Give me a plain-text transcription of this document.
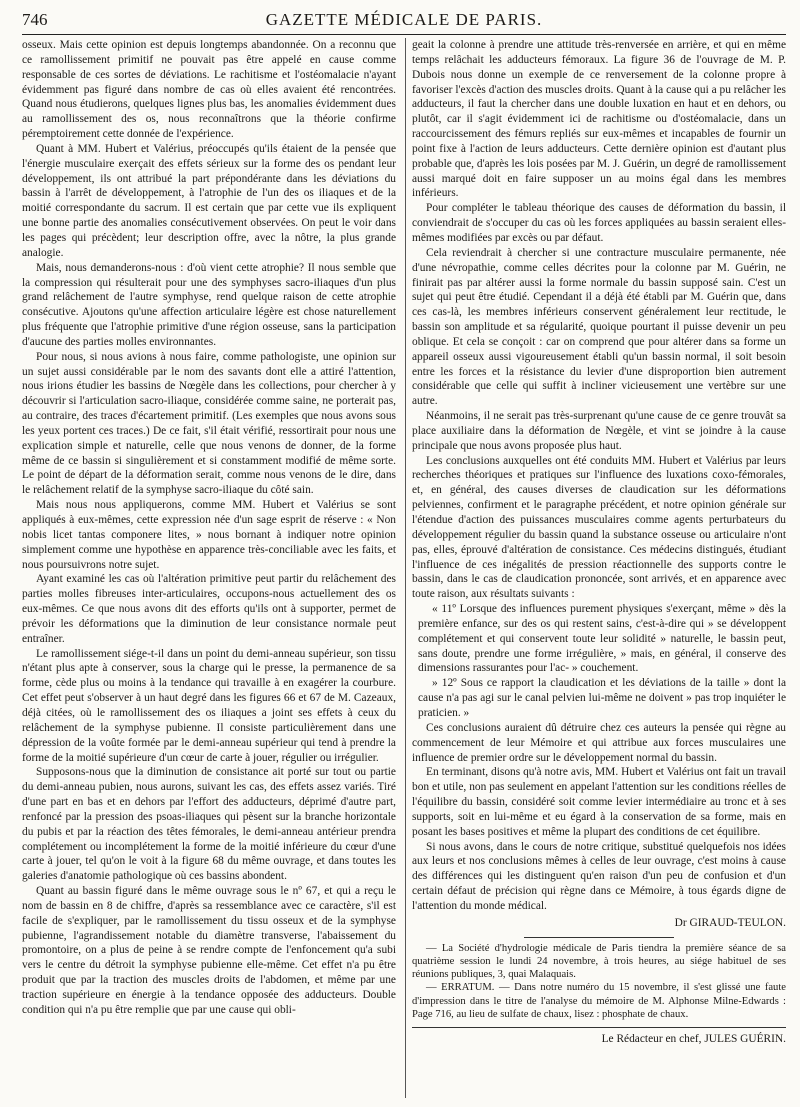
746	GAZETTE MÉDICALE DE PARIS.

osseux. Mais cette opinion est depuis longtemps abandonnée. On a reconnu que ce ramollissement primitif ne pouvait pas être appelé en cause comme responsable de ces sortes de déviations. Le rachitisme et l'ostéomalacie n'ayant évidemment pas figuré dans nombre de cas où elles avaient été rencontrées. Quand nous étudierons, quelques lignes plus bas, les anomalies évidemment dues au ramollissement des os, nous reconnaîtrons que la théorie confirme péremptoirement cette donnée de l'expérience.

Quant à MM. Hubert et Valérius, préoccupés qu'ils étaient de la pensée que l'énergie musculaire exerçait des effets sérieux sur la forme des os pendant leur développement, ils ont attribué la part prépondérante dans les déviations du bassin à l'arrêt de développement, à l'atrophie de l'un des os iliaques et de la moitié correspondante du sacrum. Il est certain que par cette vue ils expliquent une bonne partie des anomalies consécutivement observées. On peut le voir dans les pages qui précèdent; leur description offre, avec la nôtre, la plus grande analogie.

Mais, nous demanderons-nous : d'où vient cette atrophie? Il nous semble que la compression qui résulterait pour une des symphyses sacro-iliaques d'un plus grand relâchement de l'autre symphyse, rend quelque raison de cette atrophie consécutive. Ajoutons qu'une affection articulaire légère est chose naturellement plus fréquente que l'atrophie primitive d'une région osseuse, sans la participation d'aucune des parties molles environnantes.

Pour nous, si nous avions à nous faire, comme pathologiste, une opinion sur un sujet aussi considérable par le nom des savants dont elle a attiré l'attention, nous irions étudier les bassins de Nœgèle dans les collections, pour chercher à y découvrir si l'articulation sacro-iliaque, considérée comme saine, ne porterait pas, au contraire, des traces d'écartement primitif. (Les exemples que nous avons sous les yeux portent ces traces.) De ce fait, s'il était vérifié, ressortirait pour nous une explication simple et naturelle, celle que nous venons de donner, de la forme même de ce bassin si singulièrement et si constamment modifié de même sorte. Le point de départ de la déformation serait, comme nous venons de le dire, dans le relâchement relatif de la symphyse sacro-iliaque du côté sain.

Mais nous nous appliquerons, comme MM. Hubert et Valérius se sont appliqués à eux-mêmes, cette expression née d'un sage esprit de réserve : « Non nobis licet tantas componere lites, » nous bornant à indiquer notre opinion simplement comme une hypothèse en apparence très-conciliable avec les faits, et nous poursuivrons notre sujet.

Ayant examiné les cas où l'altération primitive peut partir du relâchement des parties molles fibreuses inter-articulaires, occupons-nous actuellement des os eux-mêmes. Ce que nous avons dit des efforts qu'ils ont à supporter, permet de prévoir les déformations que la diminution de leur consistance normale peut entraîner.

Le ramollissement siége-t-il dans un point du demi-anneau supérieur, son tissu n'étant plus apte à conserver, sous la charge qui le presse, la permanence de sa forme, cède plus ou moins à la tendance qui travaille à en exagérer la courbure. Cet effet peut s'observer à un haut degré dans les figures 66 et 67 de M. Cazeaux, déjà citées, où le ramollissement des os iliaques a joint ses effets à ceux du relâchement de la symphyse pubienne. Il consiste particulièrement dans une dépression de la voûte formée par le demi-anneau supérieur qui tend à prendre la forme de la moitié supérieure d'un cœur de carte à jouer, régulier ou irrégulier.

Supposons-nous que la diminution de consistance ait porté sur tout ou partie du demi-anneau pubien, nous aurons, suivant les cas, des effets assez variés. Tiré d'une part en bas et en dehors par l'effort des adducteurs, déprimé d'autre part, renfoncé par la pression des psoas-iliaques qui pèsent sur la branche horizontale du pubis et par la réaction des têtes fémorales, le demi-anneau antérieur prendra complétement ou incomplétement la forme de la moitié inférieure du cœur d'une carte à jouer, tel qu'on le voit à la figure 68 du même ouvrage, et dans toutes les galeries d'anatomie pathologique où ces bassins abondent.

Quant au bassin figuré dans le même ouvrage sous le nº 67, et qui a reçu le nom de bassin en 8 de chiffre, d'après sa ressemblance avec ce caractère, s'il est facile de s'expliquer, par le ramollissement du tissu osseux et de la symphyse pubienne, l'agrandissement notable du diamètre transverse, l'abaissement du promontoire, on a plus de peine à se rendre compte de l'enfoncement qu'a subi vers le centre du détroit la symphyse pubienne elle-même. Cet effet n'a pu être produit que par la traction des muscles droits de l'abdomen, et même par une traction supérieure en énergie à la tendance opposée des adducteurs. Double condition qui n'a pu être remplie que par une cause qui obli-

geait la colonne à prendre une attitude très-renversée en arrière, et qui en même temps relâchait les adducteurs fémoraux. La figure 36 de l'ouvrage de M. P. Dubois nous donne un exemple de ce renversement de la colonne propre à favoriser l'excès d'action des muscles droits. Quant à la cause qui a pu relâcher les adducteurs, il faut la chercher dans une double luxation en haut et en dehors, ou plutôt, car il s'agit évidemment ici de rachitisme ou d'ostéomalacie, dans un raccourcissement des fémurs repliés sur eux-mêmes et incapables de fournir un point fixe à l'action de leurs adducteurs. Cette dernière opinion est d'autant plus probable que, d'après les lois posées par M. J. Guérin, un degré de ramollissement aussi marqué doit en faire supposer un au moins égal dans les membres inférieurs.

Pour compléter le tableau théorique des causes de déformation du bassin, il conviendrait de s'occuper du cas où les forces appliquées au bassin seraient elles-mêmes modifiées par excès ou par défaut.

Cela reviendrait à chercher si une contracture musculaire permanente, née d'une névropathie, comme celles décrites pour la colonne par M. Guérin, ne finirait pas par altérer aussi la forme normale du bassin supposé sain. C'est un sujet qui peut être étudié. Cependant il a déjà été établi par M. Guérin que, dans ces cas-là, les membres inférieurs conservent généralement leur rectitude, le bassin son amplitude et sa régularité, quoique pourtant il puisse devenir un peu oblique. Et cela se conçoit : car on comprend que pour altérer dans sa forme un appareil osseux aussi vigoureusement établi qu'un bassin normal, il soit besoin entre les forces et la résistance du levier d'une disproportion bien autrement considérable que celle qui suffit à incliner vicieusement une vertèbre sur une autre.

Néanmoins, il ne serait pas très-surprenant qu'une cause de ce genre trouvât sa place auxiliaire dans la déformation de Nœgèle, et vint se joindre à la cause principale que nous avons proposée plus haut.

Les conclusions auxquelles ont été conduits MM. Hubert et Valérius par leurs recherches théoriques et pratiques sur l'influence des luxations coxo-fémorales, et, en général, des causes diverses de claudication sur les déformations pelviennes, confirment et le paragraphe précédent, et notre opinion générale sur l'étendue d'action des puissances musculaires comme agents perturbateurs du développement régulier du bassin quand la substance osseuse ou articulaire n'ont pas, elles, éprouvé d'altération de consistance. Ces médecins distingués, étudiant l'influence de ces inégalités de pression réactionnelle des supports contre le bassin, dans le cas de claudication prononcée, sont arrivés, et en apparence avec toute raison, aux résultats suivants :

« 11º Lorsque des influences purement physiques s'exerçant, même » dès la première enfance, sur des os qui restent sains, c'est-à-dire qui » se développent complétement et qui conservent toute leur solidité » naturelle, le bassin peut, sans doute, prendre une forme irrégulière, » mais, en général, il conserve des dimensions rassurantes pour l'ac- » couchement.

» 12º Sous ce rapport la claudication et les déviations de la taille » dont la cause n'a pas agi sur le canal pelvien lui-même ne doivent » pas trop inquiéter le praticien. »

Ces conclusions auraient dû détruire chez ces auteurs la pensée qui règne au commencement de leur Mémoire et qui attribue aux forces musculaires une influence de premier ordre sur le développement normal du bassin.

En terminant, disons qu'à notre avis, MM. Hubert et Valérius ont fait un travail bon et utile, non pas seulement en appelant l'attention sur les conditions réelles de l'équilibre du bassin, considéré soit comme levier intermédiaire au tronc et à ses supports, soit en lui-même et eu égard à la conservation de sa forme, mais en posant les bases positives et même la plupart des conditions de cet équilibre.

Si nous avons, dans le cours de notre critique, substitué quelquefois nos idées aux leurs et nos conclusions mêmes à celles de leur ouvrage, c'est moins à cause des différences qui les distinguent qu'en raison d'un peu de confusion et d'un certain défaut de précision qui règne dans ce Mémoire, à tous égards digne de l'attention du monde médical.

Dr GIRAUD-TEULON.

— La Société d'hydrologie médicale de Paris tiendra la première séance de sa quatrième session le lundi 24 novembre, à trois heures, au siége habituel de ses réunions publiques, 3, quai Malaquais.

— ERRATUM. — Dans notre numéro du 15 novembre, il s'est glissé une faute d'impression dans le titre de l'analyse du mémoire de M. Alphonse Milne-Edwards : Page 716, au lieu de sulfate de chaux, lisez : phosphate de chaux.

Le Rédacteur en chef, JULES GUÉRIN.
